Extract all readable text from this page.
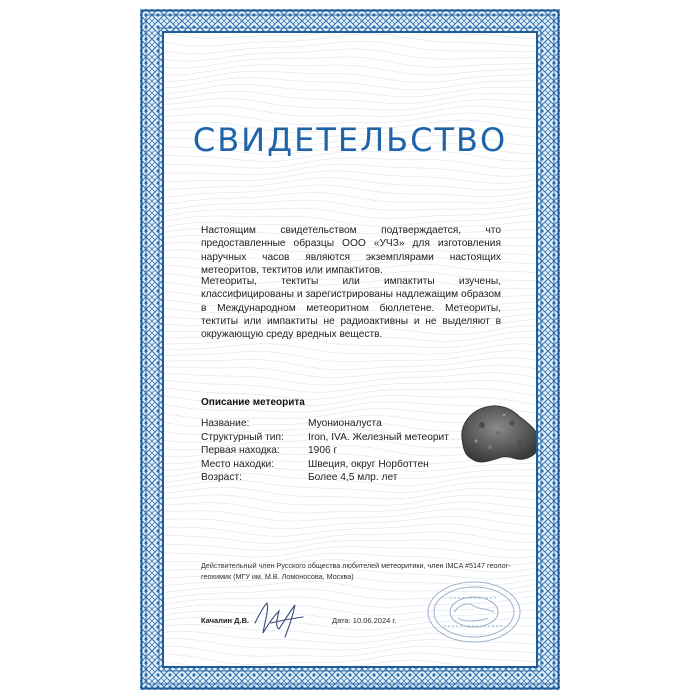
СВИДЕТЕЛЬСТВО

Настоящим свидетельством подтверждается, что предоставленные образцы ООО «УЧЗ» для изготовления наручных часов являются экземплярами настоящих метеоритов, тектитов или импактитов.

Метеориты, тектиты или импактиты изучены, классифицированы и зарегистрированы надлежащим образом в Международном метеоритном бюллетене. Метеориты, тектиты или импактиты не радиоактивны и не выделяют в окружающую среду вредных веществ.

Описание метеорита
Название:	Муонионалуста
Структурный тип: Iron, IVA. Железный метеорит
Первая находка:	1906 г
Место находки:	Швеция, округ Норботтен
Возраст:	Более 4,5 млр. лет
Действительный член Русского общества любителей метеоритики, член IMCA #5147 геолог-геохимик (МГУ им. М.В. Ломоносова, Москва)
Качалин Д.В.	Дата: 10.06.2024 г.
